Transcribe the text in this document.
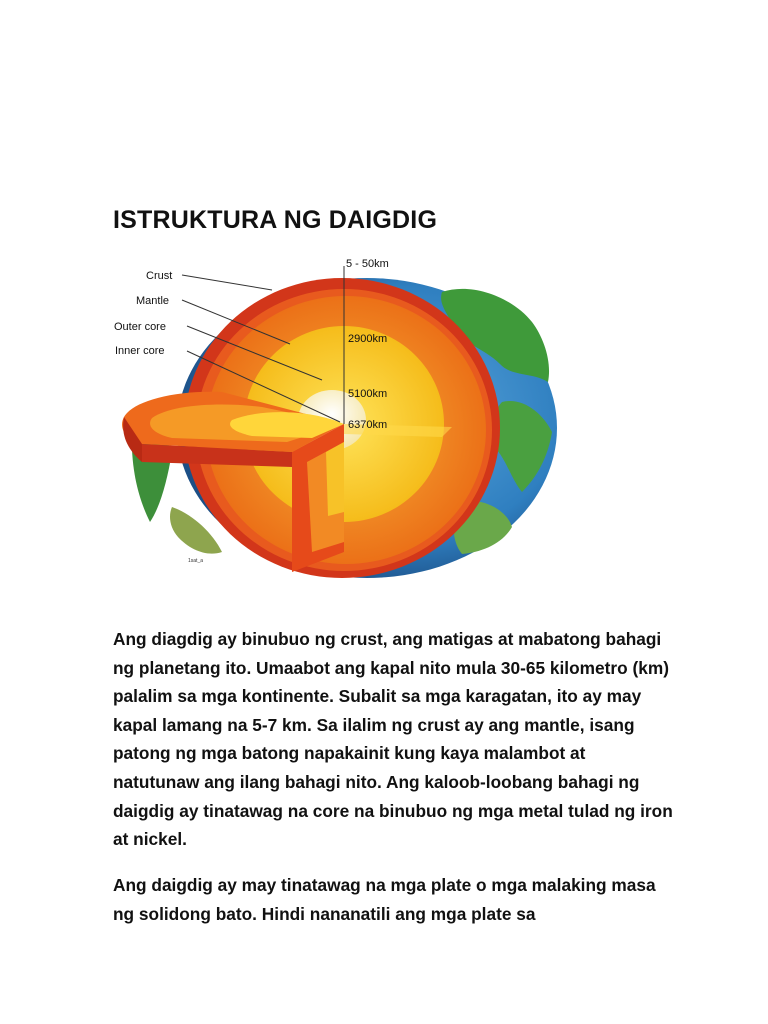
ISTRUKTURA NG DAIGDIG
Crust
Mantle
Outer core
Inner core
5 - 50km
2900km
5100km
6370km
1sat_a

Ang diagdig ay binubuo ng crust, ang matigas at mabatong bahagi ng planetang ito. Umaabot ang kapal nito mula 30-65 kilometro (km) palalim sa mga kontinente. Subalit sa mga karagatan, ito ay may kapal lamang na 5-7 km. Sa ilalim ng crust ay ang mantle, isang patong ng mga batong napakainit kung kaya malambot at natutunaw ang ilang bahagi nito. Ang kaloob-loobang bahagi ng daigdig ay tinatawag na core na binubuo ng mga metal tulad ng iron at nickel.

Ang daigdig ay may tinatawag na mga plate o mga malaking masa ng solidong bato. Hindi nananatili ang mga plate sa
